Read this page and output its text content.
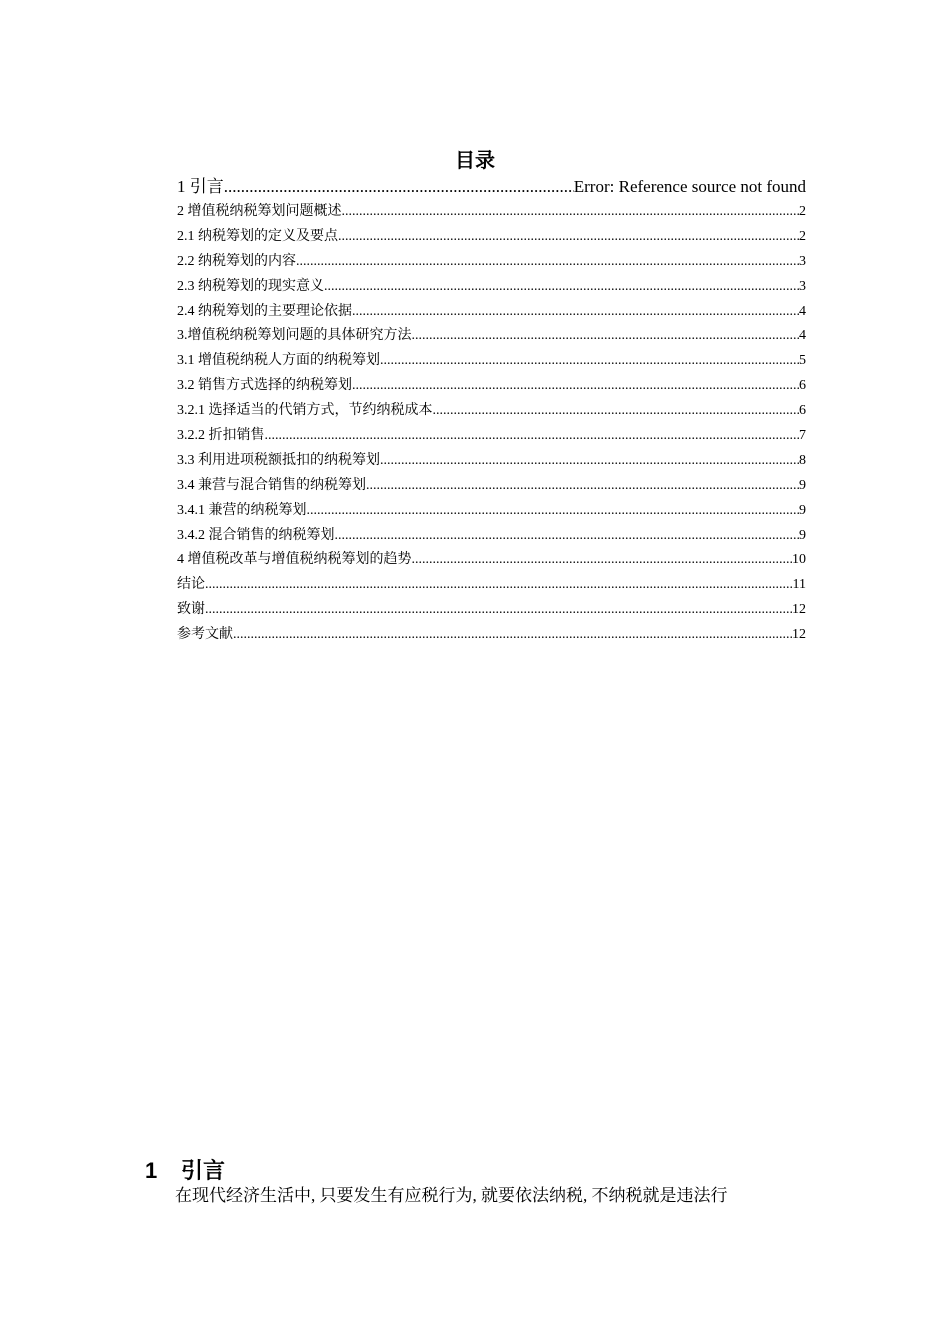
目录
1 引言 .....	Error: Reference source not found
2 增值税纳税筹划问题概述 .....	2
2.1 纳税筹划的定义及要点 .....	2
2.2 纳税筹划的内容 .....	3
2.3 纳税筹划的现实意义 .....	3
2.4 纳税筹划的主要理论依据 .....	4
3.增值税纳税筹划问题的具体研究方法 .....	4
3.1 增值税纳税人方面的纳税筹划 .....	5
3.2 销售方式选择的纳税筹划 .....	6
3.2.1 选择适当的代销方式，节约纳税成本 .....	6
3.2.2 折扣销售 .....	7
3.3 利用进项税额抵扣的纳税筹划 .....	8
3.4 兼营与混合销售的纳税筹划 .....	9
3.4.1 兼营的纳税筹划 .....	9
3.4.2 混合销售的纳税筹划 .....	9
4 增值税改革与增值税纳税筹划的趋势 .....	10
结论 .....	11
致谢 .....	12
参考文献 .....	12
1 引言
在现代经济生活中, 只要发生有应税行为, 就要依法纳税, 不纳税就是违法行
